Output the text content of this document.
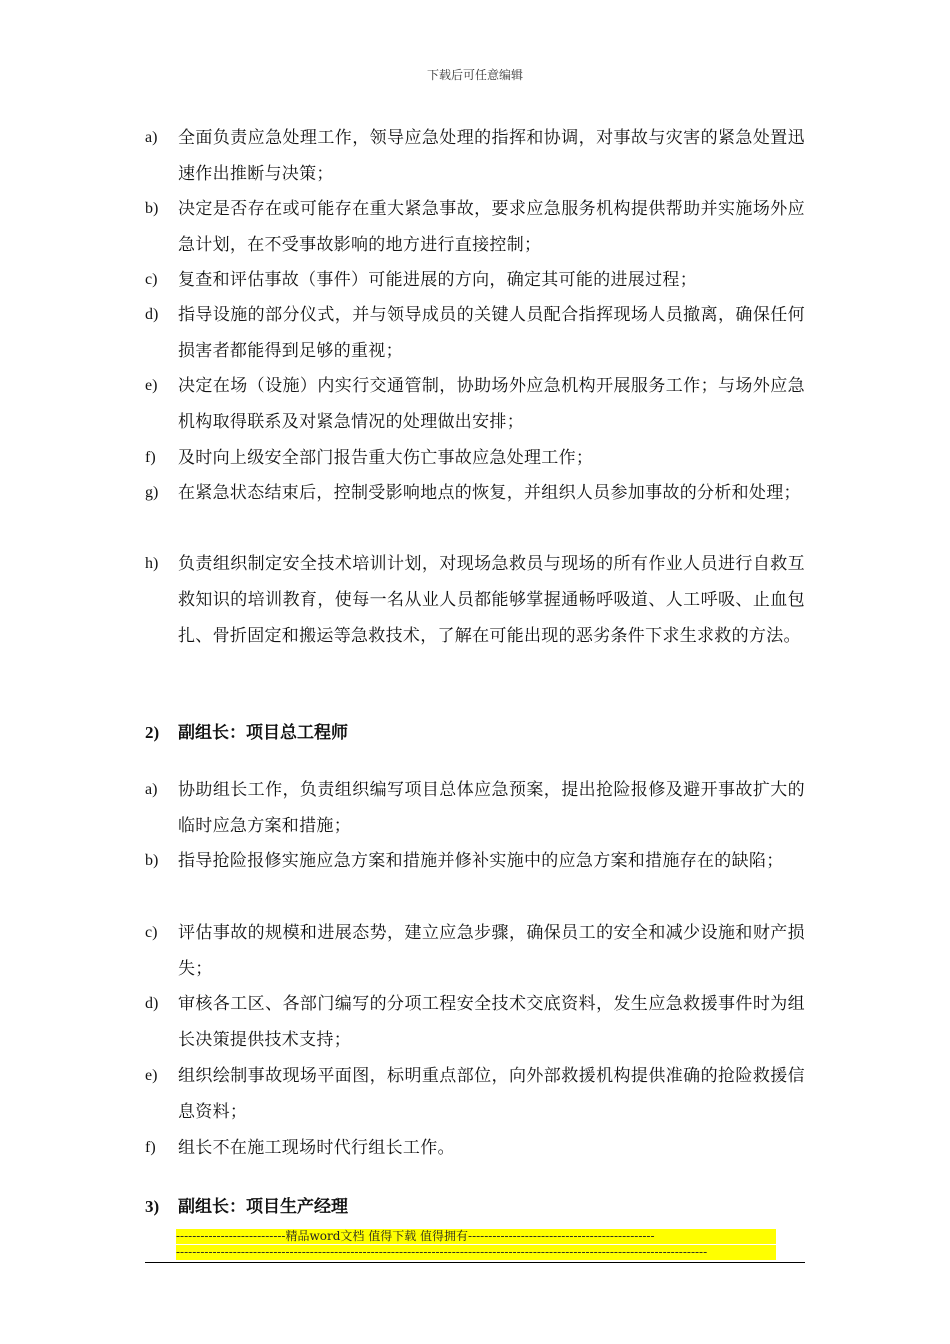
下载后可任意编辑
a) 全面负责应急处理工作，领导应急处理的指挥和协调，对事故与灾害的紧急处置迅速作出推断与决策；
b) 决定是否存在或可能存在重大紧急事故，要求应急服务机构提供帮助并实施场外应急计划，在不受事故影响的地方进行直接控制；
c) 复查和评估事故（事件）可能进展的方向，确定其可能的进展过程；
d) 指导设施的部分仪式，并与领导成员的关键人员配合指挥现场人员撤离，确保任何损害者都能得到足够的重视；
e) 决定在场（设施）内实行交通管制，协助场外应急机构开展服务工作；与场外应急机构取得联系及对紧急情况的处理做出安排；
f) 及时向上级安全部门报告重大伤亡事故应急处理工作；
g) 在紧急状态结束后，控制受影响地点的恢复，并组织人员参加事故的分析和处理；
h) 负责组织制定安全技术培训计划，对现场急救员与现场的所有作业人员进行自救互救知识的培训教育，使每一名从业人员都能够掌握通畅呼吸道、人工呼吸、止血包扎、骨折固定和搬运等急救技术，了解在可能出现的恶劣条件下求生求救的方法。
2) 副组长：项目总工程师
a) 协助组长工作，负责组织编写项目总体应急预案，提出抢险报修及避开事故扩大的临时应急方案和措施；
b) 指导抢险报修实施应急方案和措施并修补实施中的应急方案和措施存在的缺陷；
c) 评估事故的规模和进展态势，建立应急步骤，确保员工的安全和减少设施和财产损失；
d) 审核各工区、各部门编写的分项工程安全技术交底资料，发生应急救援事件时为组长决策提供技术支持；
e) 组织绘制事故现场平面图，标明重点部位，向外部救援机构提供准确的抢险救援信息资料；
f) 组长不在施工现场时代行组长工作。
3) 副组长：项目生产经理
---------------------------精品word文档 值得下载 值得拥有----------------------------------------------
-----------------------------------------------------------------------------------------------------------------------------------
